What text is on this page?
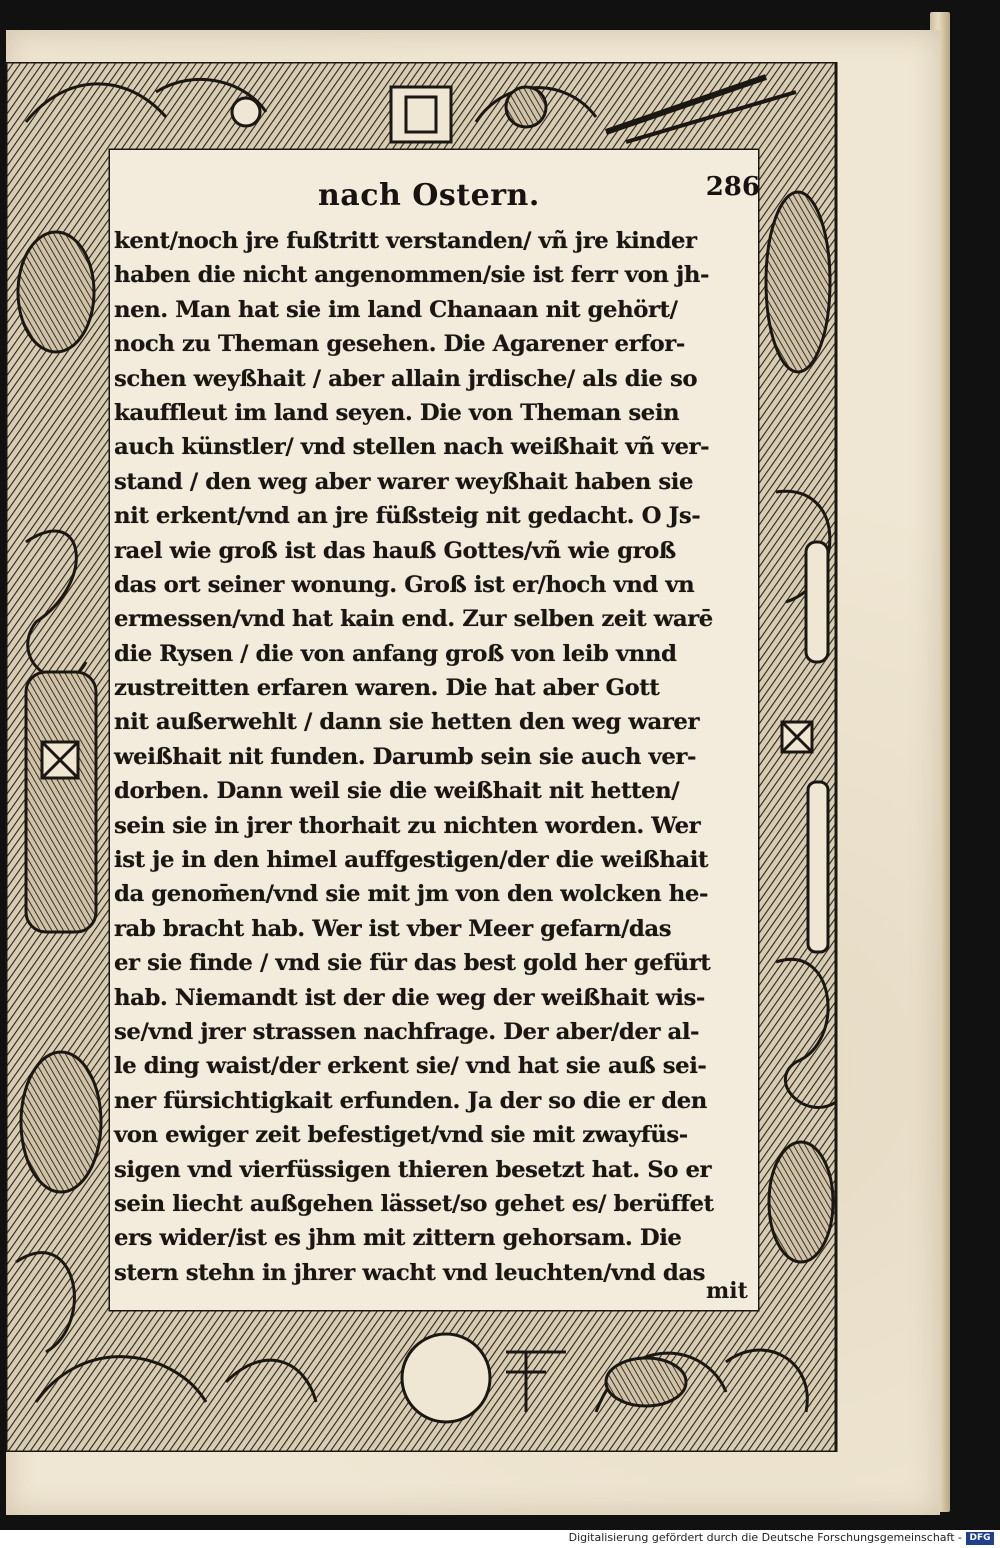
nach Ostern.	286
kent/noch jre fußtritt verstanden/ vñ jre kinder
haben die nicht angenommen/sie ist ferr von jh-
nen. Man hat sie im land Chanaan nit gehört/
noch zu Theman gesehen. Die Agarener erfor-
schen weyßhait / aber allain jrdische/ als die so
kauffleut im land seyen. Die von Theman sein
auch künstler/ vnd stellen nach weißhait vñ ver-
stand / den weg aber warer weyßhait haben sie
nit erkent/vnd an jre füßsteig nit gedacht. O Js-
rael wie groß ist das hauß Gottes/vñ wie groß
das ort seiner wonung. Groß ist er/hoch vnd vn
ermessen/vnd hat kain end. Zur selben zeit warē
die Rysen / die von anfang groß von leib vnnd
zustreitten erfaren waren. Die hat aber Gott
nit außerwehlt / dann sie hetten den weg warer
weißhait nit funden. Darumb sein sie auch ver-
dorben. Dann weil sie die weißhait nit hetten/
sein sie in jrer thorhait zu nichten worden. Wer
ist je in den himel auffgestigen/der die weißhait
da genom̄en/vnd sie mit jm von den wolcken he-
rab bracht hab. Wer ist vber Meer gefarn/das
er sie finde / vnd sie für das best gold her gefürt
hab. Niemandt ist der die weg der weißhait wis-
se/vnd jrer strassen nachfrage. Der aber/der al-
le ding waist/der erkent sie/ vnd hat sie auß sei-
ner fürsichtigkait erfunden. Ja der so die er den
von ewiger zeit befestiget/vnd sie mit zwayfüs-
sigen vnd vierfüssigen thieren besetzt hat. So er
sein liecht außgehen lässet/so gehet es/ berüffet
ers wider/ist es jhm mit zittern gehorsam. Die
stern stehn in jhrer wacht vnd leuchten/vnd das
mit
Digitalisierung gefördert durch die Deutsche Forschungsgemeinschaft - DFG
